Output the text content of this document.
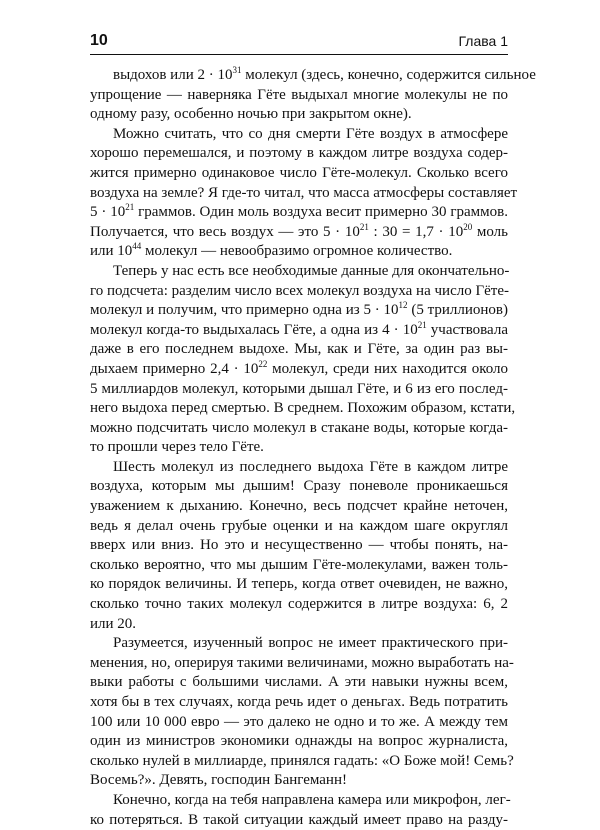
10	Глава 1
выдохов или $2 \cdot 10^{31}$ молекул (здесь, конечно, содержится сильное
упрощение — наверняка Гёте выдыхал многие молекулы не по
одному разу, особенно ночью при закрытом окне).
Можно считать, что со дня смерти Гёте воздух в атмосфере
хорошо перемешался, и поэтому в каждом литре воздуха содер-
жится примерно одинаковое число Гёте-молекул. Сколько всего
воздуха на земле? Я где-то читал, что масса атмосферы составляет
$5 \cdot 10^{21}$ граммов. Один моль воздуха весит примерно 30 граммов.
Получается, что весь воздух — это $5 \cdot 10^{21}$ : $30 = 1,7 \cdot 10^{20}$ моль
или $10^{44}$ молекул — невообразимо огромное количество.
Теперь у нас есть все необходимые данные для окончательно-
го подсчета: разделим число всех молекул воздуха на число Гёте-
молекул и получим, что примерно одна из $5 \cdot 10^{12}$ (5 триллионов)
молекул когда-то выдыхалась Гёте, а одна из $4 \cdot 10^{21}$ участвовала
даже в его последнем выдохе. Мы, как и Гёте, за один раз вы-
дыхаем примерно $2,4 \cdot 10^{22}$ молекул, среди них находится около
5 миллиардов молекул, которыми дышал Гёте, и 6 из его послед-
него выдоха перед смертью. В среднем. Похожим образом, кстати,
можно подсчитать число молекул в стакане воды, которые когда-
то прошли через тело Гёте.
Шесть молекул из последнего выдоха Гёте в каждом литре
воздуха, которым мы дышим! Сразу поневоле проникаешься
уважением к дыханию. Конечно, весь подсчет крайне неточен,
ведь я делал очень грубые оценки и на каждом шаге округлял
вверх или вниз. Но это и несущественно — чтобы понять, на-
сколько вероятно, что мы дышим Гёте-молекулами, важен толь-
ко порядок величины. И теперь, когда ответ очевиден, не важно,
сколько точно таких молекул содержится в литре воздуха: 6, 2
или 20.
Разумеется, изученный вопрос не имеет практического при-
менения, но, оперируя такими величинами, можно выработать на-
выки работы с большими числами. А эти навыки нужны всем,
хотя бы в тех случаях, когда речь идет о деньгах. Ведь потратить
100 или 10 000 евро — это далеко не одно и то же. А между тем
один из министров экономики однажды на вопрос журналиста,
сколько нулей в миллиарде, принялся гадать: «О Боже мой! Семь?
Восемь?». Девять, господин Бангеманн!
Конечно, когда на тебя направлена камера или микрофон, лег-
ко потеряться. В такой ситуации каждый имеет право на разду-
